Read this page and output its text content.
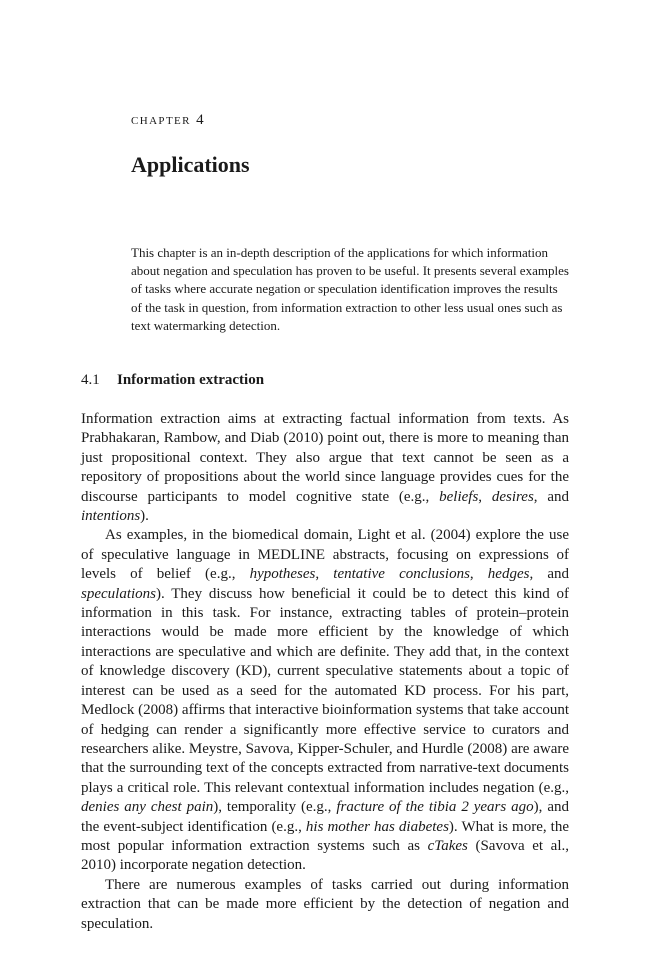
chapter 4
Applications

This chapter is an in-depth description of the applications for which information about negation and speculation has proven to be useful. It presents several examples of tasks where accurate negation or speculation identification improves the results of the task in question, from information extraction to other less usual ones such as text watermarking detection.

4.1 Information extraction

Information extraction aims at extracting factual information from texts. As Prabhakaran, Rambow, and Diab (2010) point out, there is more to meaning than just propositional context. They also argue that text cannot be seen as a repository of propositions about the world since language provides cues for the discourse participants to model cognitive state (e.g., beliefs, desires, and intentions).

As examples, in the biomedical domain, Light et al. (2004) explore the use of speculative language in MEDLINE abstracts, focusing on expressions of levels of belief (e.g., hypotheses, tentative conclusions, hedges, and speculations). They discuss how beneficial it could be to detect this kind of information in this task. For instance, extracting tables of protein–protein interactions would be made more efficient by the knowledge of which interactions are speculative and which are definite. They add that, in the context of knowledge discovery (KD), current speculative statements about a topic of interest can be used as a seed for the automated KD process. For his part, Medlock (2008) affirms that interactive bioinformation systems that take account of hedging can render a significantly more effective service to curators and researchers alike. Meystre, Savova, Kipper-Schuler, and Hurdle (2008) are aware that the surrounding text of the concepts extracted from narrative-text documents plays a critical role. This relevant contextual information includes negation (e.g., denies any chest pain), temporality (e.g., fracture of the tibia 2 years ago), and the event-subject identification (e.g., his mother has diabetes). What is more, the most popular information extraction systems such as cTakes (Savova et al., 2010) incorporate negation detection.

There are numerous examples of tasks carried out during information extraction that can be made more efficient by the detection of negation and speculation.
